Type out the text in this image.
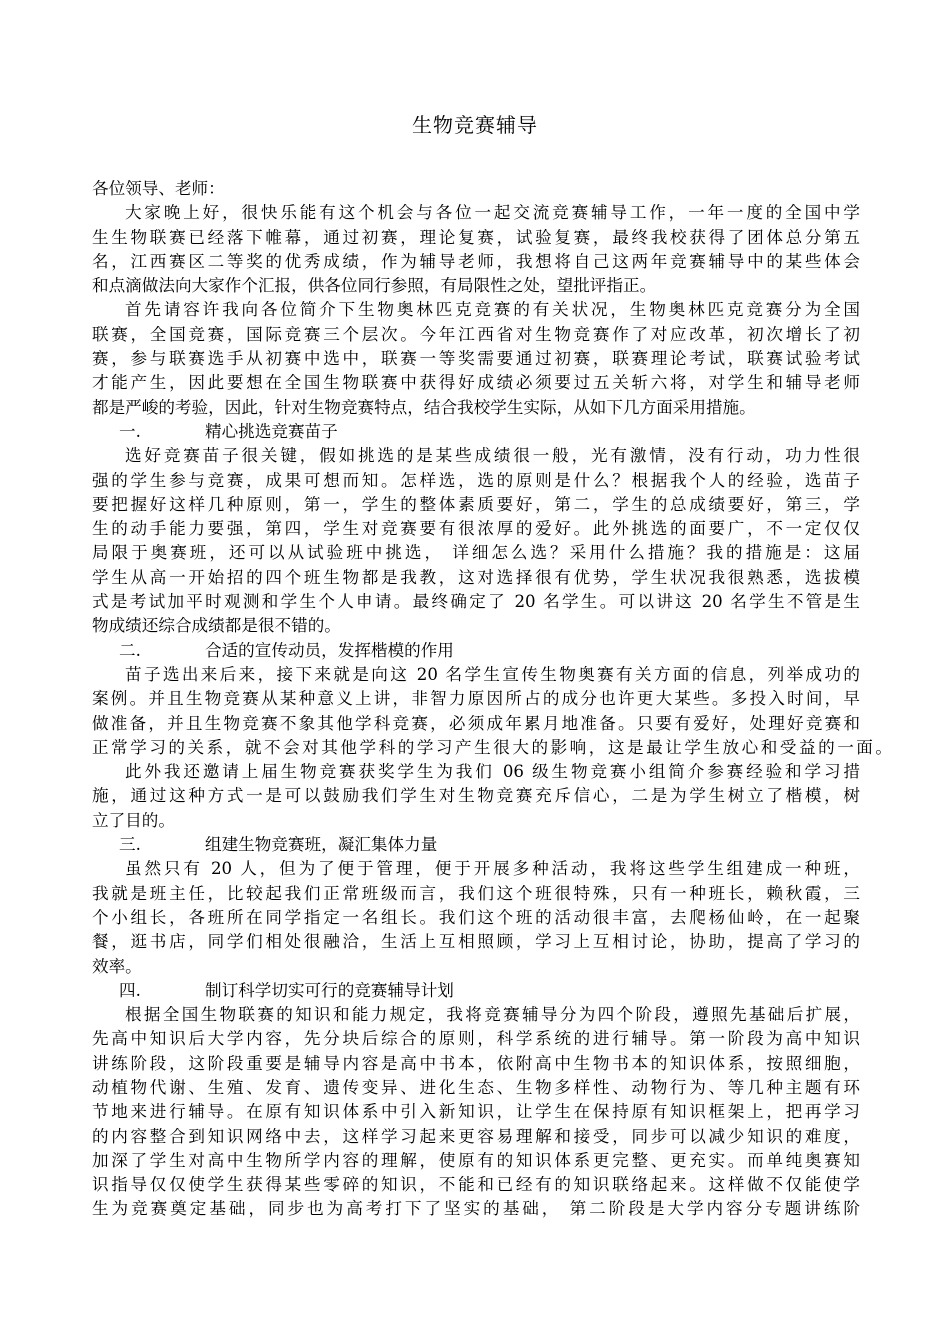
生物竞赛辅导
各位领导、老师：
大家晚上好，很快乐能有这个机会与各位一起交流竞赛辅导工作，一年一度的全国中学
生生物联赛已经落下帷幕，通过初赛，理论复赛，试验复赛，最终我校获得了团体总分第五
名，江西赛区二等奖的优秀成绩，作为辅导老师，我想将自己这两年竞赛辅导中的某些体会
和点滴做法向大家作个汇报，供各位同行参照，有局限性之处，望批评指正。
首先请容许我向各位简介下生物奥林匹克竞赛的有关状况，生物奥林匹克竞赛分为全国
联赛，全国竞赛，国际竞赛三个层次。今年江西省对生物竞赛作了对应改革，初次增长了初
赛，参与联赛选手从初赛中选中，联赛一等奖需要通过初赛，联赛理论考试，联赛试验考试
才能产生，因此要想在全国生物联赛中获得好成绩必须要过五关斩六将，对学生和辅导老师
都是严峻的考验，因此，针对生物竞赛特点，结合我校学生实际，从如下几方面采用措施。
一.	精心挑选竞赛苗子
选好竞赛苗子很关键，假如挑选的是某些成绩很一般，光有激情，没有行动，功力性很
强的学生参与竞赛，成果可想而知。怎样选，选的原则是什么？根据我个人的经验，选苗子
要把握好这样几种原则，第一，学生的整体素质要好，第二，学生的总成绩要好，第三，学
生的动手能力要强，第四，学生对竞赛要有很浓厚的爱好。此外挑选的面要广，不一定仅仅
局限于奥赛班，还可以从试验班中挑选， 详细怎么选？采用什么措施？我的措施是：这届
学生从高一开始招的四个班生物都是我教，这对选择很有优势，学生状况我很熟悉，选拔模
式是考试加平时观测和学生个人申请。最终确定了 20 名学生。可以讲这 20 名学生不管是生
物成绩还综合成绩都是很不错的。
二.	合适的宣传动员，发挥楷模的作用
苗子选出来后来，接下来就是向这 20 名学生宣传生物奥赛有关方面的信息，列举成功的
案例。并且生物竞赛从某种意义上讲，非智力原因所占的成分也许更大某些。多投入时间，早
做准备，并且生物竞赛不象其他学科竞赛，必须成年累月地准备。只要有爱好，处理好竞赛和
正常学习的关系，就不会对其他学科的学习产生很大的影响，这是最让学生放心和受益的一面。
此外我还邀请上届生物竞赛获奖学生为我们 06 级生物竞赛小组简介参赛经验和学习措
施，通过这种方式一是可以鼓励我们学生对生物竞赛充斥信心，二是为学生树立了楷模，树
立了目的。
三.	组建生物竞赛班，凝汇集体力量
虽然只有 20 人，但为了便于管理，便于开展多种活动，我将这些学生组建成一种班，
我就是班主任，比较起我们正常班级而言，我们这个班很特殊，只有一种班长，赖秋霞，三
个小组长，各班所在同学指定一名组长。我们这个班的活动很丰富，去爬杨仙岭，在一起聚
餐，逛书店，同学们相处很融洽，生活上互相照顾，学习上互相讨论，协助，提高了学习的
效率。
四.	制订科学切实可行的竞赛辅导计划
根据全国生物联赛的知识和能力规定，我将竞赛辅导分为四个阶段，遵照先基础后扩展，
先高中知识后大学内容，先分块后综合的原则，科学系统的进行辅导。第一阶段为高中知识
讲练阶段，这阶段重要是辅导内容是高中书本，依附高中生物书本的知识体系，按照细胞，
动植物代谢、生殖、发育、遗传变异、进化生态、生物多样性、动物行为、等几种主题有环
节地来进行辅导。在原有知识体系中引入新知识，让学生在保持原有知识框架上，把再学习
的内容整合到知识网络中去，这样学习起来更容易理解和接受，同步可以减少知识的难度，
加深了学生对高中生物所学内容的理解，使原有的知识体系更完整、更充实。而单纯奥赛知
识指导仅仅使学生获得某些零碎的知识，不能和已经有的知识联络起来。这样做不仅能使学
生为竞赛奠定基础，同步也为高考打下了坚实的基础， 第二阶段是大学内容分专题讲练阶
